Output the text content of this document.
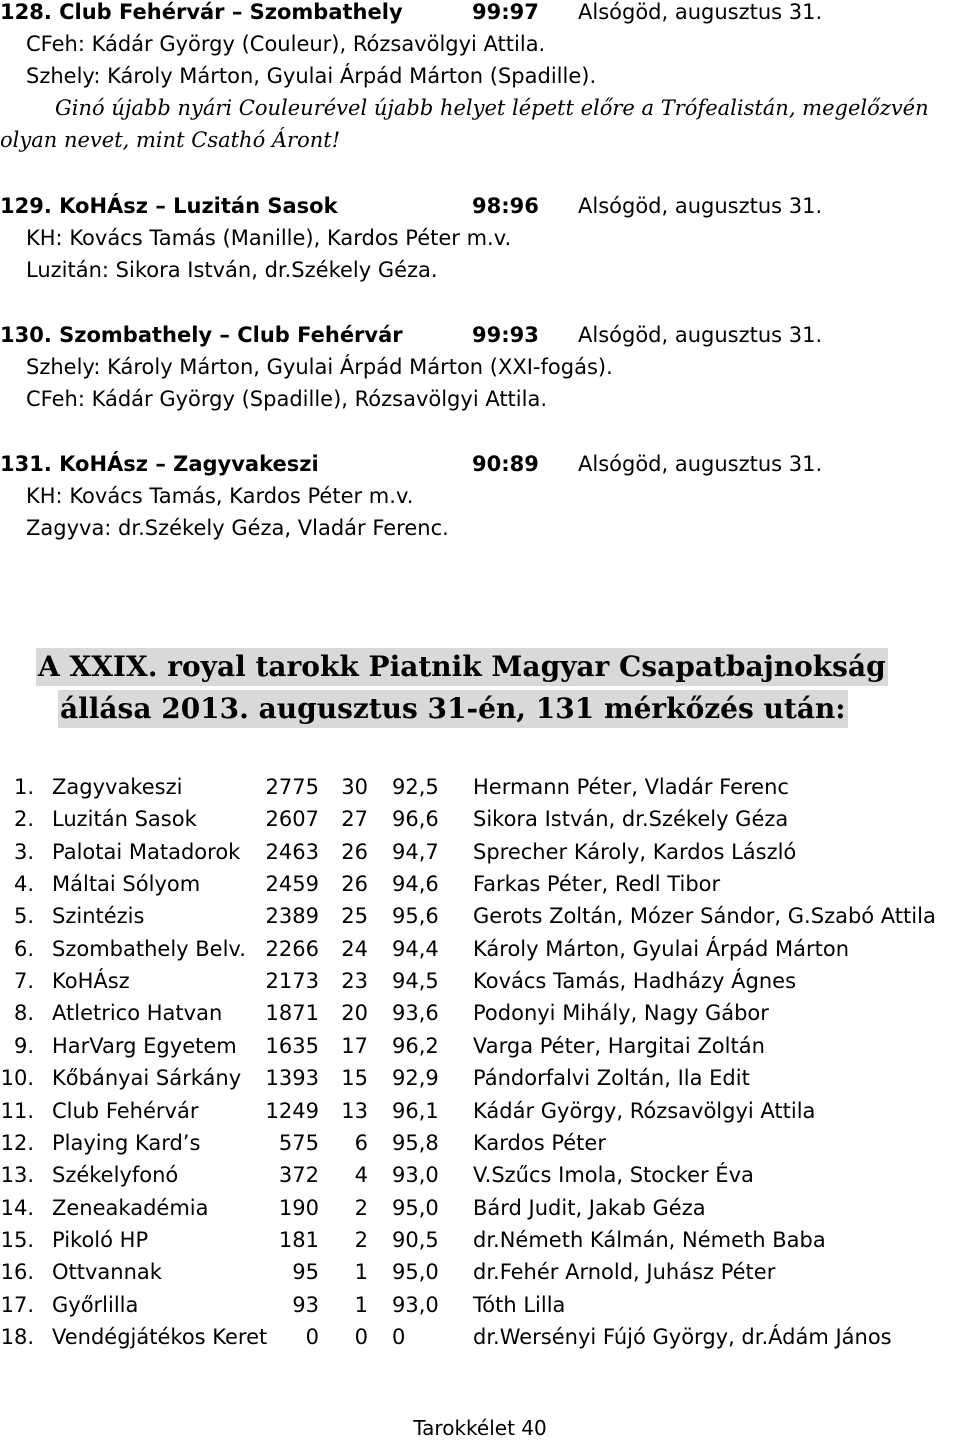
128. Club Fehérvár – Szombathely	99:97 Alsógöd, augusztus 31.
CFeh: Kádár György (Couleur), Rózsavölgyi Attila.
Szhely: Károly Márton, Gyulai Árpád Márton (Spadille).
Ginó újabb nyári Couleurével újabb helyet lépett előre a Trófealistán, megelőzvén
olyan nevet, mint Csathó Áront!
129. KoHÁsz – Luzitán Sasok	98:96 Alsógöd, augusztus 31.
KH: Kovács Tamás (Manille), Kardos Péter m.v.
Luzitán: Sikora István, dr.Székely Géza.
130. Szombathely – Club Fehérvár	99:93 Alsógöd, augusztus 31.
Szhely: Károly Márton, Gyulai Árpád Márton (XXI-fogás).
CFeh: Kádár György (Spadille), Rózsavölgyi Attila.
131. KoHÁsz – Zagyvakeszi	90:89 Alsógöd, augusztus 31.
KH: Kovács Tamás, Kardos Péter m.v.
Zagyva: dr.Székely Géza, Vladár Ferenc.
A XXIX. royal tarokk Piatnik Magyar Csapatbajnokság
állása 2013. augusztus 31-én, 131 mérkőzés után:
1. Zagyvakeszi	2775 30 92,5 Hermann Péter, Vladár Ferenc
2. Luzitán Sasok	2607 27 96,6 Sikora István, dr.Székely Géza
3. Palotai Matadorok	2463 26 94,7 Sprecher Károly, Kardos László
4. Máltai Sólyom	2459 26 94,6 Farkas Péter, Redl Tibor
5. Szintézis	2389 25 95,6 Gerots Zoltán, Mózer Sándor, G.Szabó Attila
6. Szombathely Belv. 2266 24 94,4 Károly Márton, Gyulai Árpád Márton
7. KoHÁsz	2173 23 94,5 Kovács Tamás, Hadházy Ágnes
8. Atletrico Hatvan	1871 20 93,6 Podonyi Mihály, Nagy Gábor
9. HarVarg Egyetem	1635 17 96,2 Varga Péter, Hargitai Zoltán
10. Kőbányai Sárkány	1393 15 92,9 Pándorfalvi Zoltán, Ila Edit
11. Club Fehérvár	1249 13 96,1 Kádár György, Rózsavölgyi Attila
12. Playing Kard’s	575	6 95,8 Kardos Péter
13. Székelyfonó	372	4 93,0 V.Szűcs Imola, Stocker Éva
14. Zeneakadémia	190	2 95,0 Bárd Judit, Jakab Géza
15. Pikoló HP	181	2 90,5 dr.Németh Kálmán, Németh Baba
16. Ottvannak	95	1 95,0 dr.Fehér Arnold, Juhász Péter
17. Győrlilla	93	1 93,0 Tóth Lilla
18. Vendégjátékos Keret	0	0 0	dr.Wersényi Fújó György, dr.Ádám János
Tarokkélet 40
